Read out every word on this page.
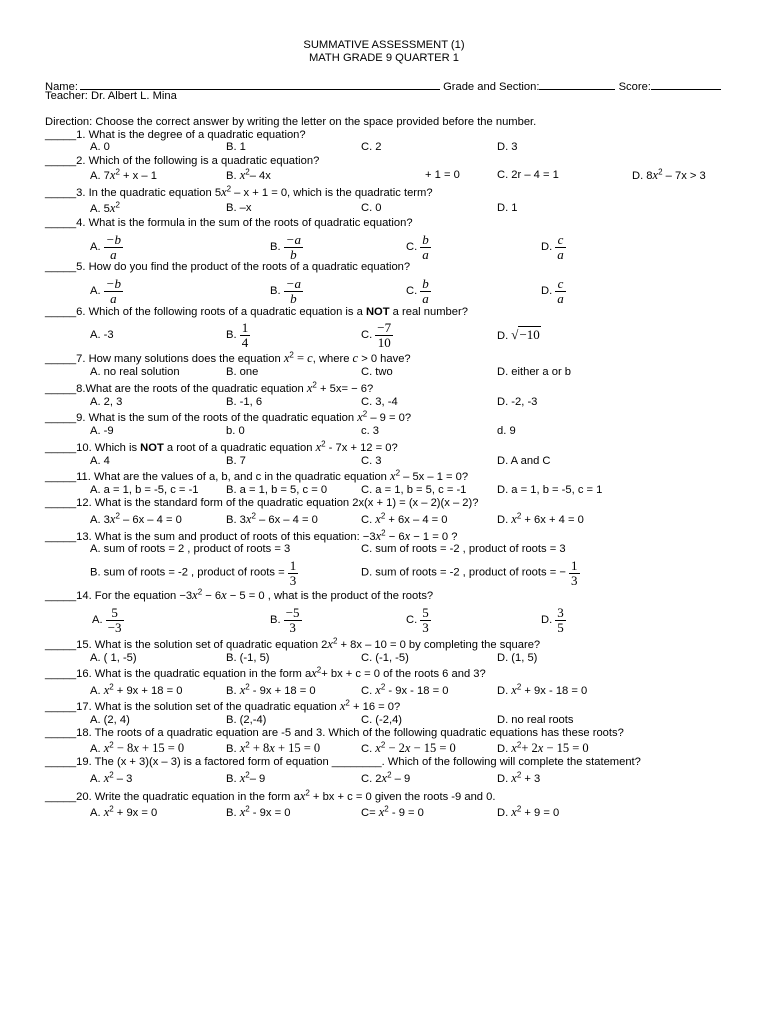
SUMMATIVE ASSESSMENT (1)
MATH GRADE 9 QUARTER 1
Name:	Grade and Section:	Score:
Teacher: Dr. Albert L. Mina
Direction: Choose the correct answer by writing the letter on the space provided before the number.
_____1. What is the degree of a quadratic equation?
A. 0	B. 1	C. 2	D. 3
_____2. Which of the following is a quadratic equation?
A. $7x^2 + x - 1$	B. $x^2-$ 4x	+ 1 = 0	C. 2r – 4 = 1	D. $8x^2 - 7x > 3$
_____3. In the quadratic equation $5x^2 - x + 1 = 0$, which is the quadratic term?
A. $5x^2$	B. –x	C. 0	D. 1
_____4. What is the formula in the sum of the roots of quadratic equation?
A. $\frac{-b}{a}$	B. $\frac{-a}{b}$	C. $\frac{b}{a}$	D. $\frac{c}{a}$
_____5. How do you find the product of the roots of a quadratic equation?
A. $\frac{-b}{a}$	B. $\frac{-a}{b}$	C. $\frac{b}{a}$	D. $\frac{c}{a}$
_____6. Which of the following roots of a quadratic equation is a NOT a real number?
A. -3	B. $\frac{1}{4}$	C. $\frac{-7}{10}$	D. √−10
_____7. How many solutions does the equation $x^2 = c$, where c > 0 have?
A. no real solution	B. one	C. two	D. either a or b
_____8.What are the roots of the quadratic equation $x^2 + 5x= - 6$?
A. 2, 3	B. -1, 6	C. 3, -4	D. -2, -3
_____9. What is the sum of the roots of the quadratic equation $x^2 - 9 = 0$?
A. -9	b. 0	c. 3	d. 9
_____10. Which is NOT a root of a quadratic equation $x^2 - 7x + 12 = 0$?
A. 4	B. 7	C. 3	D. A and C
_____11. What are the values of a, b, and c in the quadratic equation $x^2 - 5x - 1 = 0$?
A. a = 1, b = -5, c = -1 B. a = 1, b = 5, c = 0	C. a = 1, b = 5, c = -1	D. a = 1, b = -5, c = 1
_____12. What is the standard form of the quadratic equation 2x(x + 1) = (x – 2)(x – 2)?
A. $3x^2 - 6x - 4 = 0$	B. $3x^2 - 6x - 4 = 0$	C. $x^2 + 6x - 4 = 0$	D. $x^2 + 6x + 4 = 0$
_____13. What is the sum and product of roots of this equation: $-3x^2 - 6x - 1 = 0$ ?
A. sum of roots = 2 , product of roots = 3	C. sum of roots = -2 , product of roots = 3
B. sum of roots = -2 , product of roots = $\frac{1}{3}$	D. sum of roots = -2 , product of roots = − $\frac{1}{3}$
_____14. For the equation $-3x^2 - 6x - 5 = 0$ , what is the product of the roots?
A. $\frac{5}{-3}$	B. $\frac{-5}{3}$	C. $\frac{5}{3}$	D. $\frac{3}{5}$
_____15. What is the solution set of quadratic equation $2x^2 + 8x - 10 = 0$ by completing the square?
A. ( 1, -5)	B. (-1, 5)	C. (-1, -5)	D. (1, 5)
_____16. What is the quadratic equation in the form $ax^2+$ bx + c = 0 of the roots 6 and 3?
A. $x^2 + 9x + 18 = 0$	B. $x^2 - 9x + 18 = 0$	C. $x^2 - 9x - 18 = 0$	D. $x^2 + 9x - 18 = 0$
_____17. What is the solution set of the quadratic equation $x^2 + 16 = 0$?
A. (2, 4)	B. (2,-4)	C. (-2,4)	D. no real roots
_____18. The roots of a quadratic equation are -5 and 3. Which of the following quadratic equations has these roots?
A. $x^2 - 8x + 15 = 0$	B. $x^2 + 8x + 15 = 0$	C. $x^2 - 2x - 15 = 0$	D. $x^2+ 2x - 15 = 0$
_____19. The (x + 3)(x – 3) is a factored form of equation ________. Which of the following will complete the statement?
A. $x^2 - 3$	B. $x^2-$ 9	C. $2x^2 - 9$	D. $x^2 + 3$
_____20. Write the quadratic equation in the form $ax^2$ + bx + c = 0 given the roots -9 and 0.
A. $x^2 + 9x = 0$	B. $x^2 - 9x = 0$	$C= x^2 - 9 = 0$	D. $x^2 + 9 = 0$
